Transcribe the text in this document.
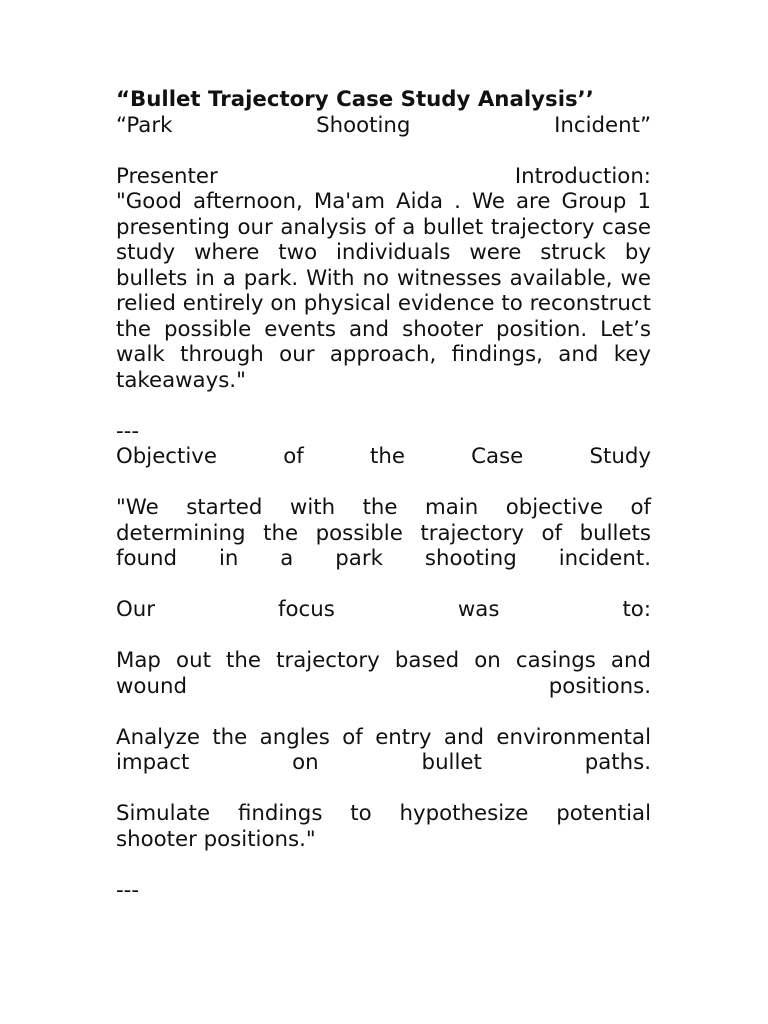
“Bullet Trajectory Case Study Analysis’’
“Park Shooting Incident”
Presenter Introduction:
"Good afternoon, Ma'am Aida . We are Group 1 presenting our analysis of a bullet trajectory case study where two individuals were struck by bullets in a park. With no witnesses available, we relied entirely on physical evidence to reconstruct the possible events and shooter position. Let’s walk through our approach, findings, and key takeaways."
---
Objective of the Case Study
"We started with the main objective of determining the possible trajectory of bullets found in a park shooting incident.
Our focus was to:
Map out the trajectory based on casings and wound positions.
Analyze the angles of entry and environmental impact on bullet paths.
Simulate findings to hypothesize potential shooter positions."
---
